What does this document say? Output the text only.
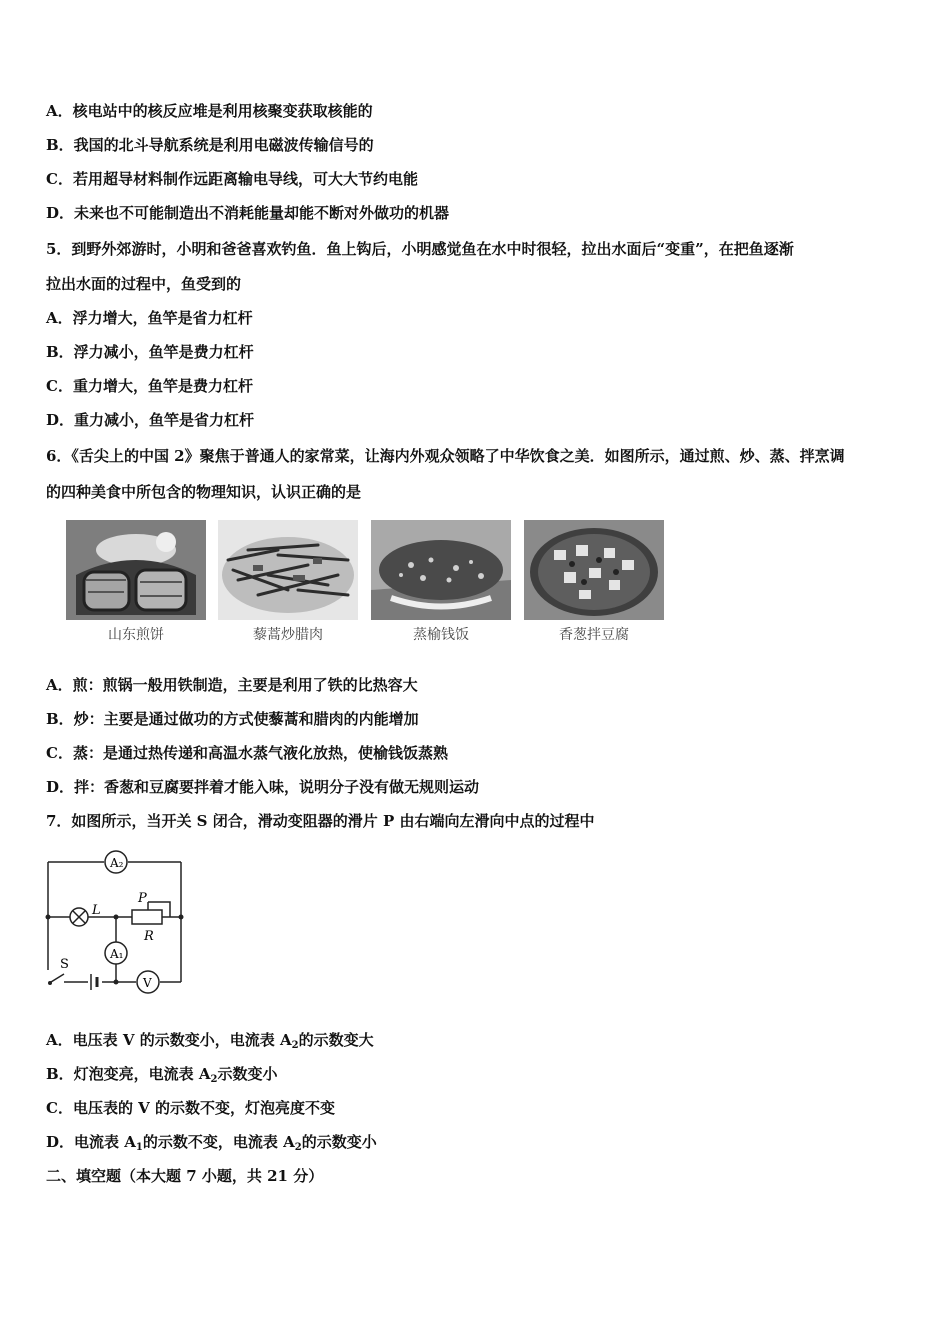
A．核电站中的核反应堆是利用核聚变获取核能的
B．我国的北斗导航系统是利用电磁波传输信号的
C．若用超导材料制作远距离输电导线，可大大节约电能
D．未来也不可能制造出不消耗能量却能不断对外做功的机器
5．到野外郊游时，小明和爸爸喜欢钓鱼．鱼上钩后，小明感觉鱼在水中时很轻，拉出水面后“变重”，在把鱼逐渐
拉出水面的过程中，鱼受到的
A．浮力增大，鱼竿是省力杠杆
B．浮力减小，鱼竿是费力杠杆
C．重力增大，鱼竿是费力杠杆
D．重力减小，鱼竿是省力杠杆
6．《舌尖上的中国 2》聚焦于普通人的家常菜，让海内外观众领略了中华饮食之美．如图所示，通过煎、炒、蒸、拌烹调
的四种美食中所包含的物理知识，认识正确的是
山东煎饼	藜蒿炒腊肉	蒸榆钱饭	香葱拌豆腐
A．煎：煎锅一般用铁制造，主要是利用了铁的比热容大
B．炒：主要是通过做功的方式使藜蒿和腊肉的内能增加
C．蒸：是通过热传递和高温水蒸气液化放热，使榆钱饭蒸熟
D．拌：香葱和豆腐要拌着才能入味，说明分子没有做无规则运动
7．如图所示，当开关 S 闭合，滑动变阻器的滑片 P 由右端向左滑向中点的过程中
A₂
L
P
R
A₁
S
V
A．电压表 V 的示数变小，电流表 $A_2$的示数变大
B．灯泡变亮，电流表 $A_2$示数变小
C．电压表的 V 的示数不变，灯泡亮度不变
D．电流表 $A_1$的示数不变，电流表 $A_2$的示数变小
二、填空题（本大题 7 小题，共 21 分）
